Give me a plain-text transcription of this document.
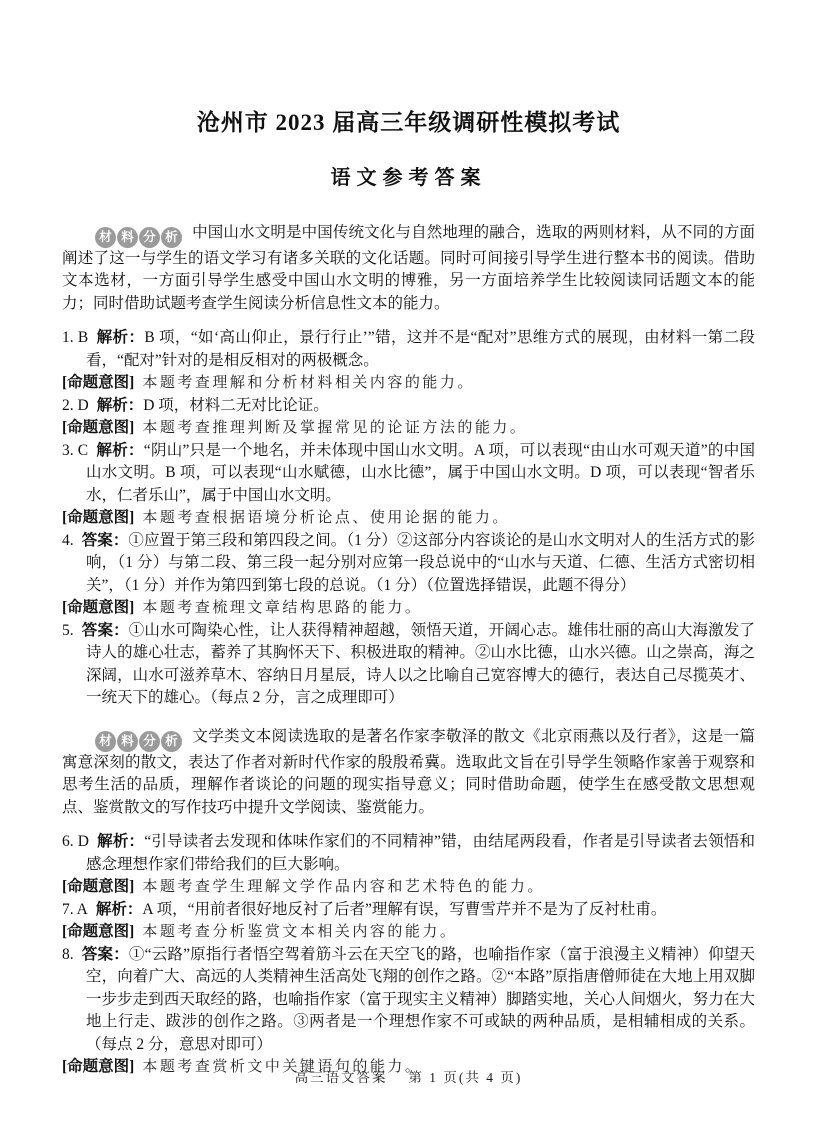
沧州市 2023 届高三年级调研性模拟考试
语文参考答案
材 料 分 析 中国山水文明是中国传统文化与自然地理的融合，选取的两则材料，从不同的方面阐述了这一与学生的语文学习有诸多关联的文化话题。同时可间接引导学生进行整本书的阅读。借助文本选材，一方面引导学生感受中国山水文明的博雅，另一方面培养学生比较阅读同话题文本的能力；同时借助试题考查学生阅读分析信息性文本的能力。

1. B 解析：B 项，“如‘高山仰止，景行行止’”错，这并不是“配对”思维方式的展现，由材料一第二段看，“配对”针对的是相反相对的两极概念。

[命题意图] 本题考查理解和分析材料相关内容的能力。

2. D 解析：D 项，材料二无对比论证。

[命题意图] 本题考查推理判断及掌握常见的论证方法的能力。

3. C 解析：“阴山”只是一个地名，并未体现中国山水文明。A 项，可以表现“由山水可观天道”的中国山水文明。B 项，可以表现“山水赋德，山水比德”，属于中国山水文明。D 项，可以表现“智者乐水，仁者乐山”，属于中国山水文明。

[命题意图] 本题考查根据语境分析论点、使用论据的能力。

4. 答案：①应置于第三段和第四段之间。（1 分）②这部分内容谈论的是山水文明对人的生活方式的影响，（1 分）与第二段、第三段一起分别对应第一段总说中的“山水与天道、仁德、生活方式密切相关”，（1 分）并作为第四到第七段的总说。（1 分）（位置选择错误，此题不得分）

[命题意图] 本题考查梳理文章结构思路的能力。

5. 答案：①山水可陶染心性，让人获得精神超越，领悟天道，开阔心志。雄伟壮丽的高山大海激发了诗人的雄心壮志，蓄养了其胸怀天下、积极进取的精神。②山水比德，山水兴德。山之崇高，海之深阔，山水可滋养草木、容纳日月星辰，诗人以之比喻自己宽容博大的德行，表达自己尽揽英才、一统天下的雄心。（每点 2 分，言之成理即可）

材 料 分 析 文学类文本阅读选取的是著名作家李敬泽的散文《北京雨燕以及行者》，这是一篇寓意深刻的散文，表达了作者对新时代作家的殷殷希冀。选取此文旨在引导学生领略作家善于观察和思考生活的品质，理解作者谈论的问题的现实指导意义；同时借助命题，使学生在感受散文思想观点、鉴赏散文的写作技巧中提升文学阅读、鉴赏能力。

6. D 解析：“引导读者去发现和体味作家们的不同精神”错，由结尾两段看，作者是引导读者去领悟和感念理想作家们带给我们的巨大影响。

[命题意图] 本题考查学生理解文学作品内容和艺术特色的能力。

7. A 解析：A 项，“用前者很好地反衬了后者”理解有误，写曹雪芹并不是为了反衬杜甫。

[命题意图] 本题考查分析鉴赏文本相关内容的能力。

8. 答案：①“云路”原指行者悟空驾着筋斗云在天空飞的路，也喻指作家（富于浪漫主义精神）仰望天空，向着广大、高远的人类精神生活高处飞翔的创作之路。②“本路”原指唐僧师徒在大地上用双脚一步步走到西天取经的路，也喻指作家（富于现实主义精神）脚踏实地，关心人间烟火，努力在大地上行走、跋涉的创作之路。③两者是一个理想作家不可或缺的两种品质，是相辅相成的关系。（每点 2 分，意思对即可）

[命题意图] 本题考查赏析文中关键语句的能力。

高三语文答案　 第 1 页(共 4 页)
